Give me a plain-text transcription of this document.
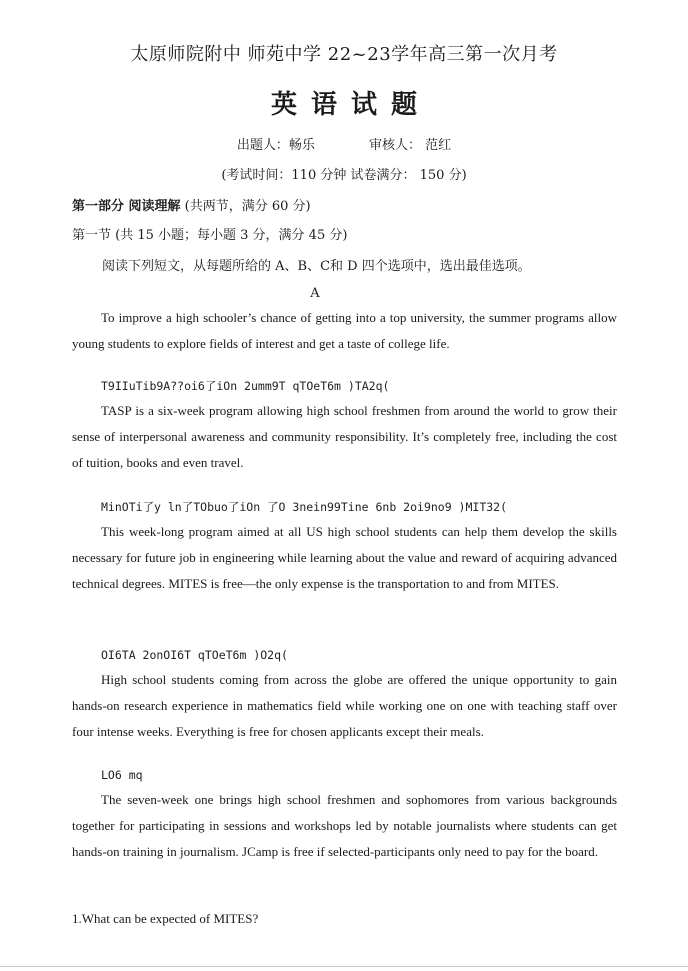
太原师院附中 师苑中学 22~23学年高三第一次月考
英语试题
出题人：畅乐	审核人： 范红
(考试时间：110 分钟 试卷满分： 150 分)
第一部分 阅读理解 (共两节，满分 60 分)
第一节 (共 15 小题；每小题 3 分，满分 45 分)
阅读下列短文，从每题所给的 A、B、C和 D 四个选项中，选出最佳选项。
A
To improve a high schooler’s chance of getting into a top university, the summer programs allow young students to explore fields of interest and get a taste of college life.
T9IIuTib9A??oi6了iOn 2umm9T qTOeT6m )TA2q(
TASP is a six-week program allowing high school freshmen from around the world to grow their sense of interpersonal awareness and community responsibility. It’s completely free, including the cost of tuition, books and even travel.
MinOTi了y ln了TObuo了iOn 了O 3nein99Tine 6nb 2oi9no9 )MIT32(
This week-long program aimed at all US high school students can help them develop the skills necessary for future job in engineering while learning about the value and reward of acquiring advanced technical degrees. MITES is free—the only expense is the transportation to and from MITES.
OI6TA 2onOI6T qTOeT6m )O2q(
High school students coming from across the globe are offered the unique opportunity to gain hands-on research experience in mathematics field while working one on one with teaching staff over four intense weeks. Everything is free for chosen applicants except their meals.
LO6 mq
The seven-week one brings high school freshmen and sophomores from various backgrounds together for participating in sessions and workshops led by notable journalists where students can get hands-on training in journalism. JCamp is free if selected-participants only need to pay for the board.
1.What can be expected of MITES?
